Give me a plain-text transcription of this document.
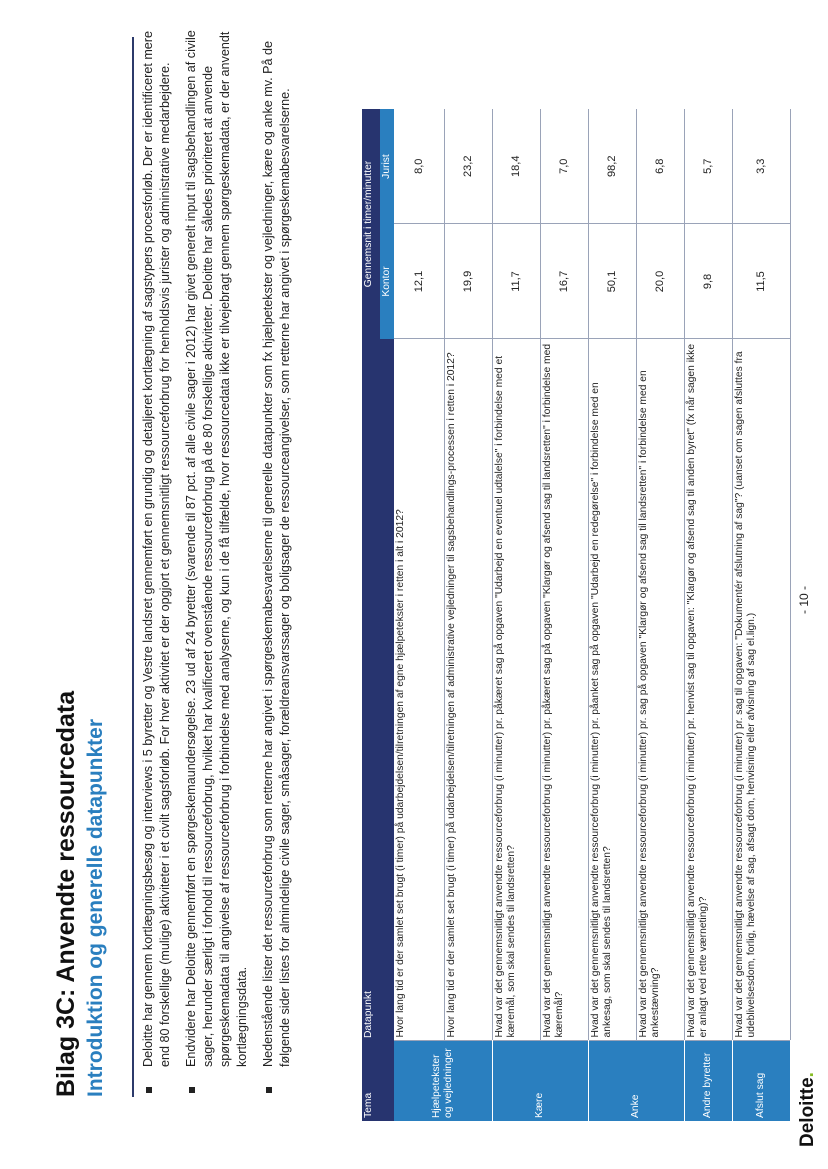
Bilag 3C: Anvendte ressourcedata Introduktion og generelle datapunkter	Deloitte har gennem kortlægningsbesøg og interviews i 5 byretter og Vestre landsret gennemført en grundig og detaljeret kortlægning af sagstypers procesforløb. Der er identificeret mere end 80 forskellige (mulige) aktiviteter i et civilt sagsforløb. For hver aktivitet er der opgjort et gennemsnitligt ressourceforbrug for henholdsvis jurister og administrative medarbejdere. Endvidere har Deloitte gennemført en spørgeskemaundersøgelse. 23 ud af 24 byretter (svarende til 87 pct. af alle civile sager i 2012) har givet generelt input til sagsbehandlingen af civile sager, herunder særligt i forhold til ressourceforbrug, hvilket har kvalificeret ovenstående ressourceforbrug på de 80 forskellige aktiviteter. Deloitte har således prioriteret at anvende spørgeskemadata til angivelse af ressourceforbrug i forbindelse med analyserne, og kun i de få tilfælde, hvor ressourcedata ikke er tilvejebragt gennem spørgeskemadata, er der anvendt kortlægningsdata. Nedenstående lister det ressourceforbrug som retterne har angivet i spørgeskemabesvarelserne til generelle datapunkter som fx hjælpetekster og vejledninger, kære og anke mv. På de følgende sider listes for almindelige civile sager, småsager, forældreansvarssager og boligsager de ressourceangivelser, som retterne har angivet i spørgeskemabesvarelserne.
Tema	Datapunkt	Gennemsnit i timer/minutter	
		Kontor	Jurist
Hjælpetekster og vejledninger	Hvor lang tid er der samlet set brugt (i timer) på udarbejdelsen/tilretningen af egne hjælpetekster i retten i alt i 2012?	12,1	8,0
	Hvor lang tid er der samlet set brugt (i timer) på udarbejdelsen/tilretningen af administrative vejledninger til sagsbehandlings-processen i retten i 2012?	19,9	23,2
Kære	Hvad var det gennemsnitligt anvendte ressourceforbrug (i minutter) pr. påkæret sag på opgaven "Udarbejd en eventuel udtalelse" i forbindelse med et kæremål, som skal sendes til landsretten?	11,7	18,4
	Hvad var det gennemsnitligt anvendte ressourceforbrug (i minutter) pr. påkæret sag på opgaven "Klargør og afsend sag til landsretten" i forbindelse med kæremål?	16,7	7,0
Anke	Hvad var det gennemsnitligt anvendte ressourceforbrug (i minutter) pr. påanket sag på opgaven "Udarbejd en redegørelse" i forbindelse med en ankesag, som skal sendes til landsretten?	50,1	98,2
	Hvad var det gennemsnitligt anvendte ressourceforbrug (i minutter) pr. sag på opgaven "Klargør og afsend sag til landsretten" i forbindelse med en ankestævning?	20,0	6,8
Andre byretter	Hvad var det gennemsnitligt anvendte ressourceforbrug (i minutter) pr. henvist sag til opgaven: "Klargør og afsend sag til anden byret" (fx når sagen ikke er anlagt ved rette værneting)?	9,8	5,7
Afslut sag	Hvad var det gennemsnitligt anvendte ressourceforbrug (i minutter) pr. sag til opgaven: "Dokumentér afslutning af sag"? (uanset om sagen afsluttes fra udeblivelsesdom, forlig, hævelse af sag, afsagt dom, henvisning eller afvisning af sag el.lign.)	11,5	3,3
Deloitte.
- 10 -
